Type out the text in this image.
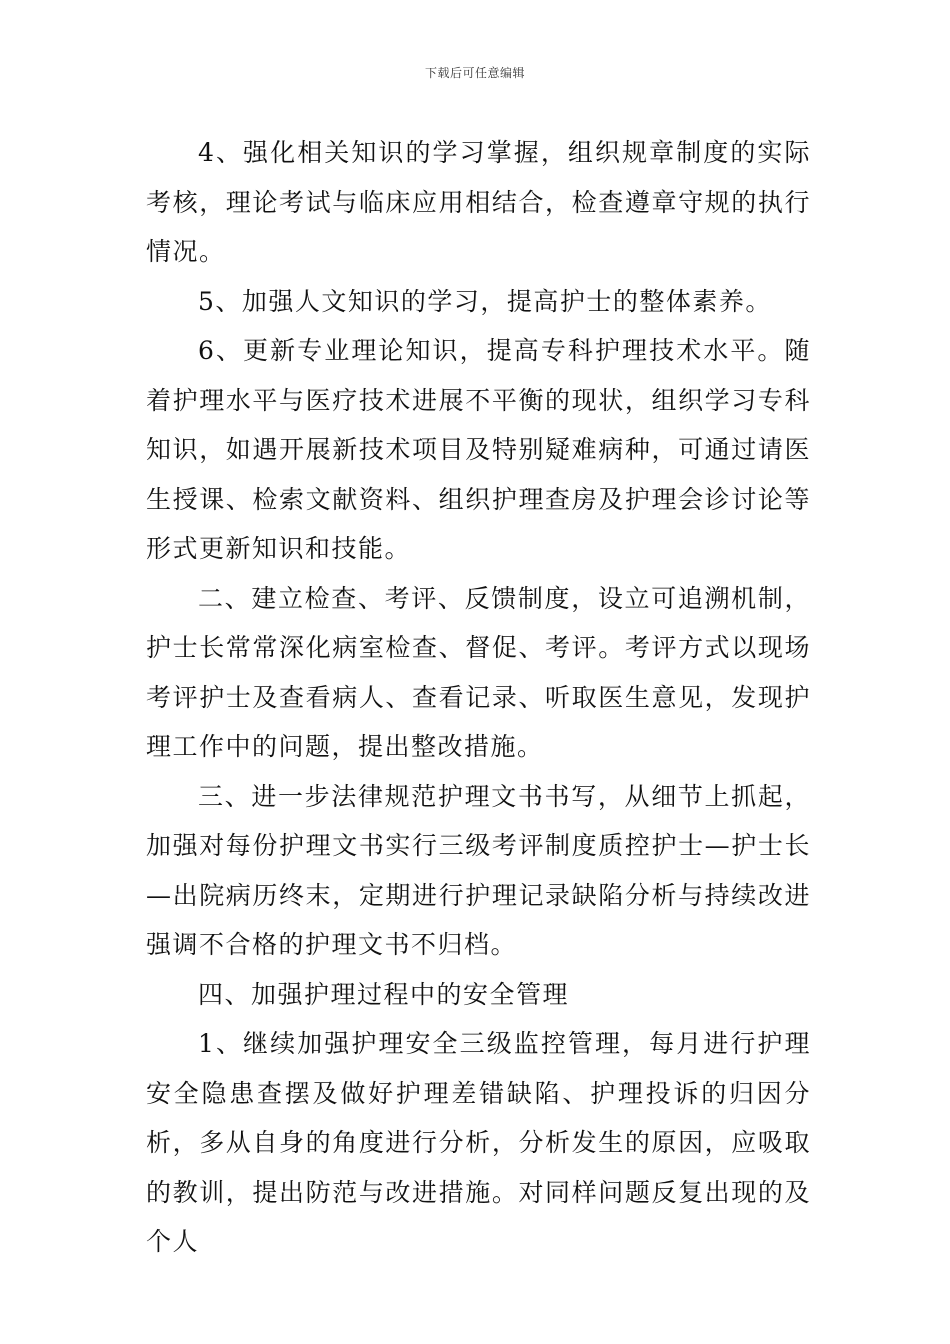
下载后可任意编辑

4、强化相关知识的学习掌握，组织规章制度的实际考核，理论考试与临床应用相结合，检查遵章守规的执行情况。

5、加强人文知识的学习，提高护士的整体素养。

6、更新专业理论知识，提高专科护理技术水平。随着护理水平与医疗技术进展不平衡的现状，组织学习专科知识，如遇开展新技术项目及特别疑难病种，可通过请医生授课、检索文献资料、组织护理查房及护理会诊讨论等形式更新知识和技能。

二、建立检查、考评、反馈制度，设立可追溯机制，护士长常常深化病室检查、督促、考评。考评方式以现场考评护士及查看病人、查看记录、听取医生意见，发现护理工作中的问题，提出整改措施。

三、进一步法律规范护理文书书写，从细节上抓起，加强对每份护理文书实行三级考评制度质控护士—护士长—出院病历终末，定期进行护理记录缺陷分析与持续改进强调不合格的护理文书不归档。

四、加强护理过程中的安全管理

1、继续加强护理安全三级监控管理，每月进行护理安全隐患查摆及做好护理差错缺陷、护理投诉的归因分析，多从自身的角度进行分析，分析发生的原因，应吸取的教训，提出防范与改进措施。对同样问题反复出现的及个人
